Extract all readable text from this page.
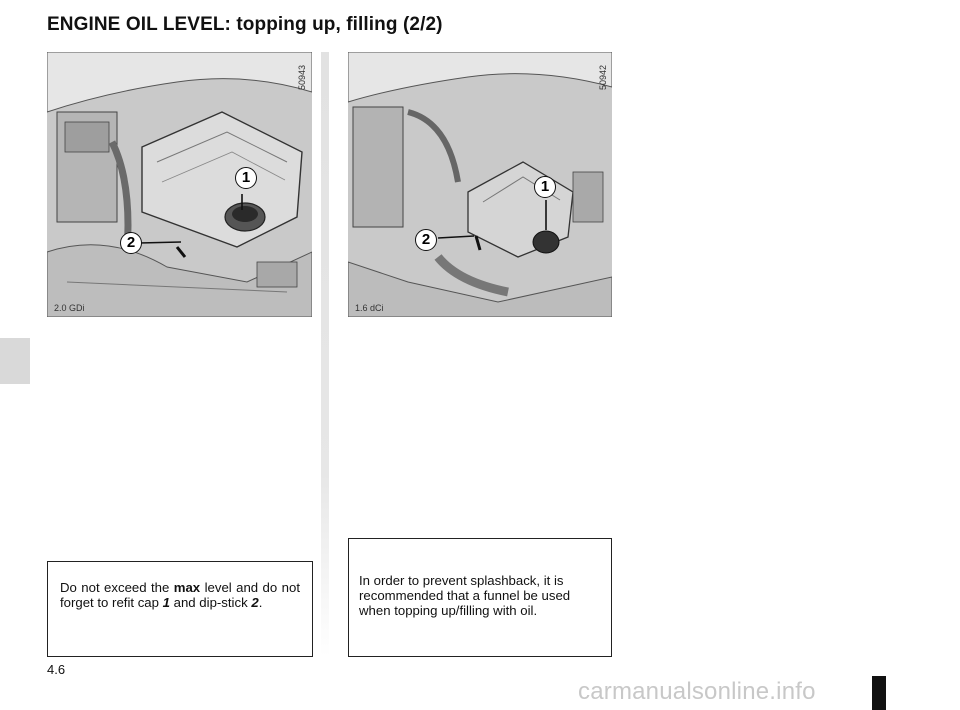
ENGINE OIL LEVEL: topping up, filling (2/2)
50943
1
2
2.0 GDi
50942
1
2
1.6 dCi
Do not exceed the max level and do not forget to refit cap 1 and dip-stick 2.
In order to prevent splashback, it is recommended that a funnel be used when topping up/filling with oil.
4.6
carmanualsonline.info
